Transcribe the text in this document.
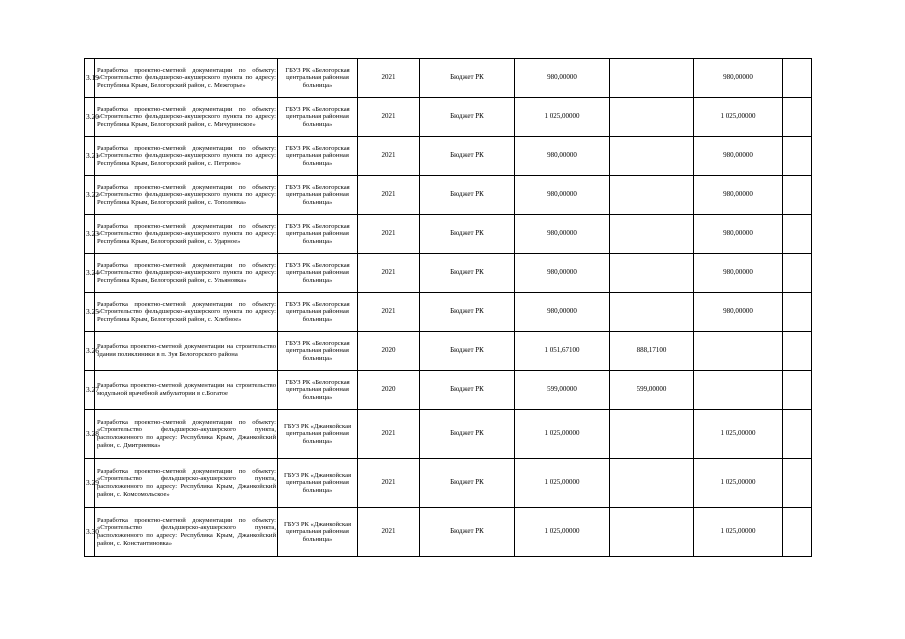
3.19	Разработка проектно-сметной документации по объекту: «Строительство фельдшерско-акушерского пункта по адресу: Республика Крым, Белогорский район, с. Межгорье»	ГБУЗ РК «Белогорская центральная районная больница»	2021	Бюджет РК	980,00000		980,00000	
3.20	Разработка проектно-сметной документации по объекту: «Строительство фельдшерско-акушерского пункта по адресу: Республика Крым, Белогорский район, с. Мичуринское»	ГБУЗ РК «Белогорская центральная районная больница»	2021	Бюджет РК	1 025,00000		1 025,00000	
3.21	Разработка проектно-сметной документации по объекту: «Строительство фельдшерско-акушерского пункта по адресу: Республика Крым, Белогорский район, с. Петрово»	ГБУЗ РК «Белогорская центральная районная больница»	2021	Бюджет РК	980,00000		980,00000	
3.22	Разработка проектно-сметной документации по объекту: «Строительство фельдшерско-акушерского пункта по адресу: Республика Крым, Белогорский район, с. Тополевка»	ГБУЗ РК «Белогорская центральная районная больница»	2021	Бюджет РК	980,00000		980,00000	
3.23	Разработка проектно-сметной документации по объекту: «Строительство фельдшерско-акушерского пункта по адресу: Республика Крым, Белогорский район, с. Ударное»	ГБУЗ РК «Белогорская центральная районная больница»	2021	Бюджет РК	980,00000		980,00000	
3.24	Разработка проектно-сметной документации по объекту: «Строительство фельдшерско-акушерского пункта по адресу: Республика Крым, Белогорский район, с. Ульяновка»	ГБУЗ РК «Белогорская центральная районная больница»	2021	Бюджет РК	980,00000		980,00000	
3.25	Разработка проектно-сметной документации по объекту: «Строительство фельдшерско-акушерского пункта по адресу: Республика Крым, Белогорский район, с. Хлебное»	ГБУЗ РК «Белогорская центральная районная больница»	2021	Бюджет РК	980,00000		980,00000	
3.26	Разработка проектно-сметной документации на строительство здания поликлиники в п. Зуя Белогорского района	ГБУЗ РК «Белогорская центральная районная больница»	2020	Бюджет РК	1 051,67100	888,17100		
3.27	Разработка проектно-сметной документации на строительство модульной врачебной амбулатории в с.Богатое	ГБУЗ РК «Белогорская центральная районная больница»	2020	Бюджет РК	599,00000	599,00000		
3.28	Разработка проектно-сметной документации по объекту: «Строительство фельдшерско-акушерского пункта, расположенного по адресу: Республика Крым, Джанкойский район, с. Дмитриевка»	ГБУЗ РК «Джанкойская центральная районная больница»	2021	Бюджет РК	1 025,00000		1 025,00000	
3.29	Разработка проектно-сметной документации по объекту: «Строительство фельдшерско-акушерского пункта, расположенного по адресу: Республика Крым, Джанкойский район, с. Комсомольское»	ГБУЗ РК «Джанкойская центральная районная больница»	2021	Бюджет РК	1 025,00000		1 025,00000	
3.30	Разработка проектно-сметной документации по объекту: «Строительство фельдшерско-акушерского пункта, расположенного по адресу: Республика Крым, Джанкойский район, с. Константиновка»	ГБУЗ РК «Джанкойская центральная районная больница»	2021	Бюджет РК	1 025,00000		1 025,00000	
